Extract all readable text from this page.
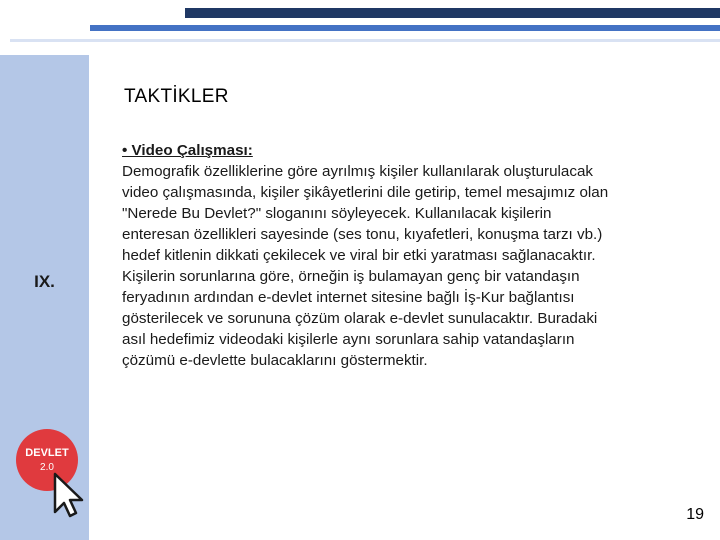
IX.
TAKTİKLER
• Video Çalışması:
Demografik özelliklerine göre ayrılmış kişiler kullanılarak oluşturulacak
video çalışmasında, kişiler şikâyetlerini dile getirip, temel mesajımız olan
"Nerede Bu Devlet?" sloganını söyleyecek. Kullanılacak kişilerin
enteresan özellikleri sayesinde (ses tonu, kıyafetleri, konuşma tarzı vb.)
hedef kitlenin dikkati çekilecek ve viral bir etki yaratması sağlanacaktır.
Kişilerin sorunlarına göre, örneğin iş bulamayan genç bir vatandaşın
feryadının ardından e-devlet internet sitesine bağlı İş-Kur bağlantısı
gösterilecek ve sorununa çözüm olarak e-devlet sunulacaktır. Buradaki
asıl hedefimiz videodaki kişilerle aynı sorunlara sahip vatandaşların
çözümü e-devlette bulacaklarını göstermektir.
DEVLET
2.0
19
